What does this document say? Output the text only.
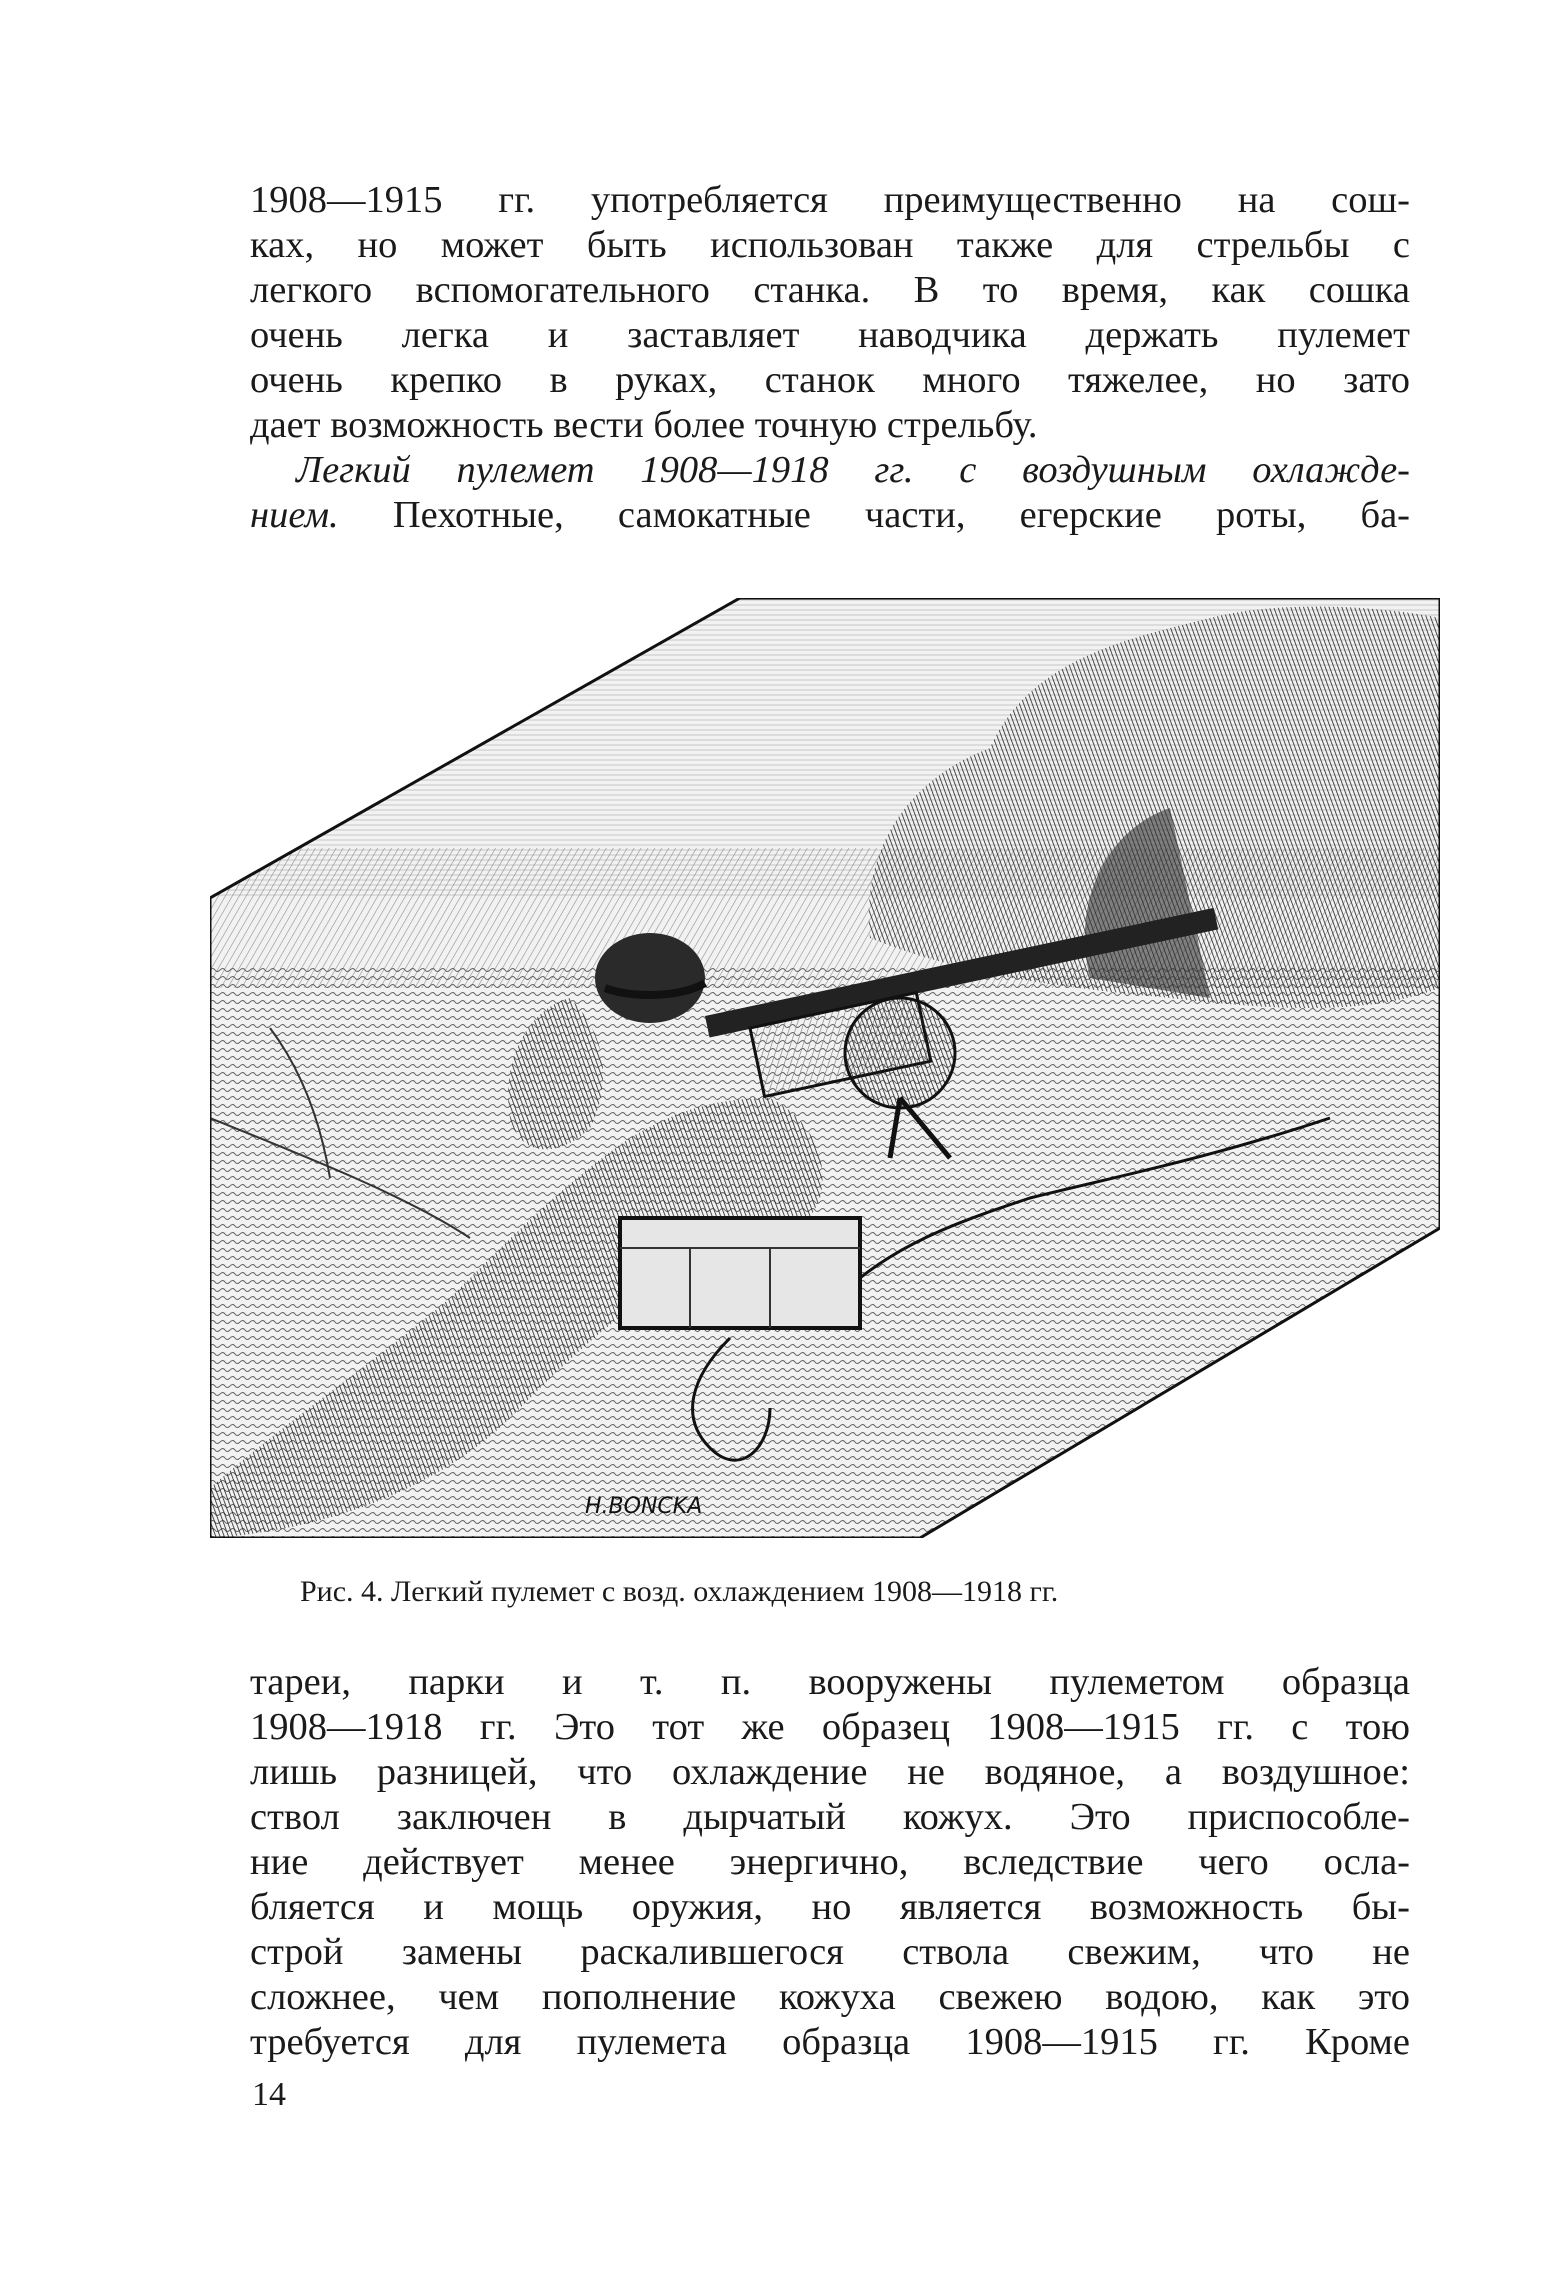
1908—1915 гг. употребляется преимущественно на сош-
ках, но может быть использован также для стрельбы с
легкого вспомогательного станка. В то время, как сошка
очень легка и заставляет наводчика держать пулемет
очень крепко в руках, станок много тяжелее, но зато
дает возможность вести более точную стрельбу.
Легкий пулемет 1908—1918 гг. с воздушным охлажде-
нием. Пехотные, самокатные части, егерские роты, ба-
H.BONCKA
Рис. 4. Легкий пулемет с возд. охлаждением 1908—1918 гг.
тареи, парки и т. п. вооружены пулеметом образца
1908—1918 гг. Это тот же образец 1908—1915 гг. с тою
лишь разницей, что охлаждение не водяное, а воздушное:
ствол заключен в дырчатый кожух. Это приспособле-
ние действует менее энергично, вследствие чего осла-
бляется и мощь оружия, но является возможность бы-
строй замены раскалившегося ствола свежим, что не
сложнее, чем пополнение кожуха свежею водою, как это
требуется для пулемета образца 1908—1915 гг. Кроме
14
